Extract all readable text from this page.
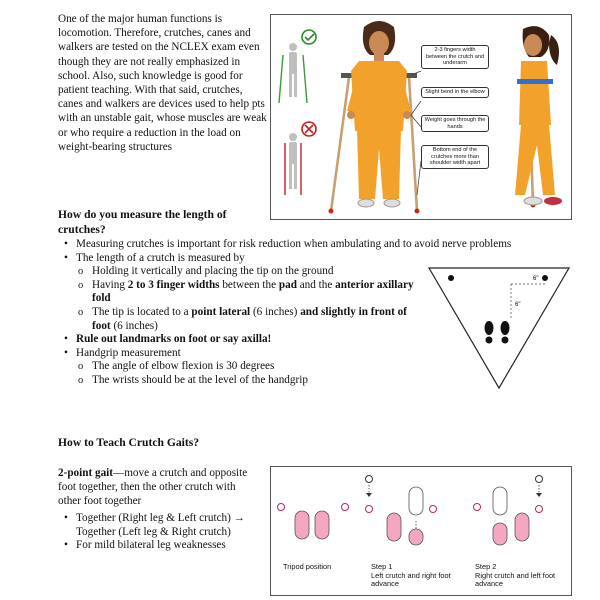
One of the major human functions is locomotion. Therefore, crutches, canes and walkers are tested on the NCLEX exam even though they are not really emphasized in school. Also, such knowledge is good for patient teaching. With that said, crutches, canes and walkers are devices used to help pts with an unstable gait, whose muscles are weak or who require a reduction in the load on weight-bearing structures
2-3 fingers width between the crutch and underarm
Slight bend in the elbow
Weight goes through the hands
Bottom end of the crutches more than shoulder width apart
How do you measure the length of crutches?
• Measuring crutches is important for risk reduction when ambulating and to avoid nerve problems
• The length of a crutch is measured by
o Holding it vertically and placing the tip on the ground
o Having 2 to 3 finger widths between the pad and the anterior axillary fold
o The tip is located to a point lateral (6 inches) and slightly in front of foot (6 inches)
• Rule out landmarks on foot or say axilla!
• Handgrip measurement
o The angle of elbow flexion is 30 degrees
o The wrists should be at the level of the handgrip
6"
6"
How to Teach Crutch Gaits?
2-point gait—move a crutch and opposite foot together, then the other crutch with other foot together
• Together (Right leg & Left crutch) → Together (Left leg & Right crutch)
• For mild bilateral leg weaknesses
Tripod position	Step 1
Left crutch and right foot advance
Step 2
Right crutch and left foot advance
